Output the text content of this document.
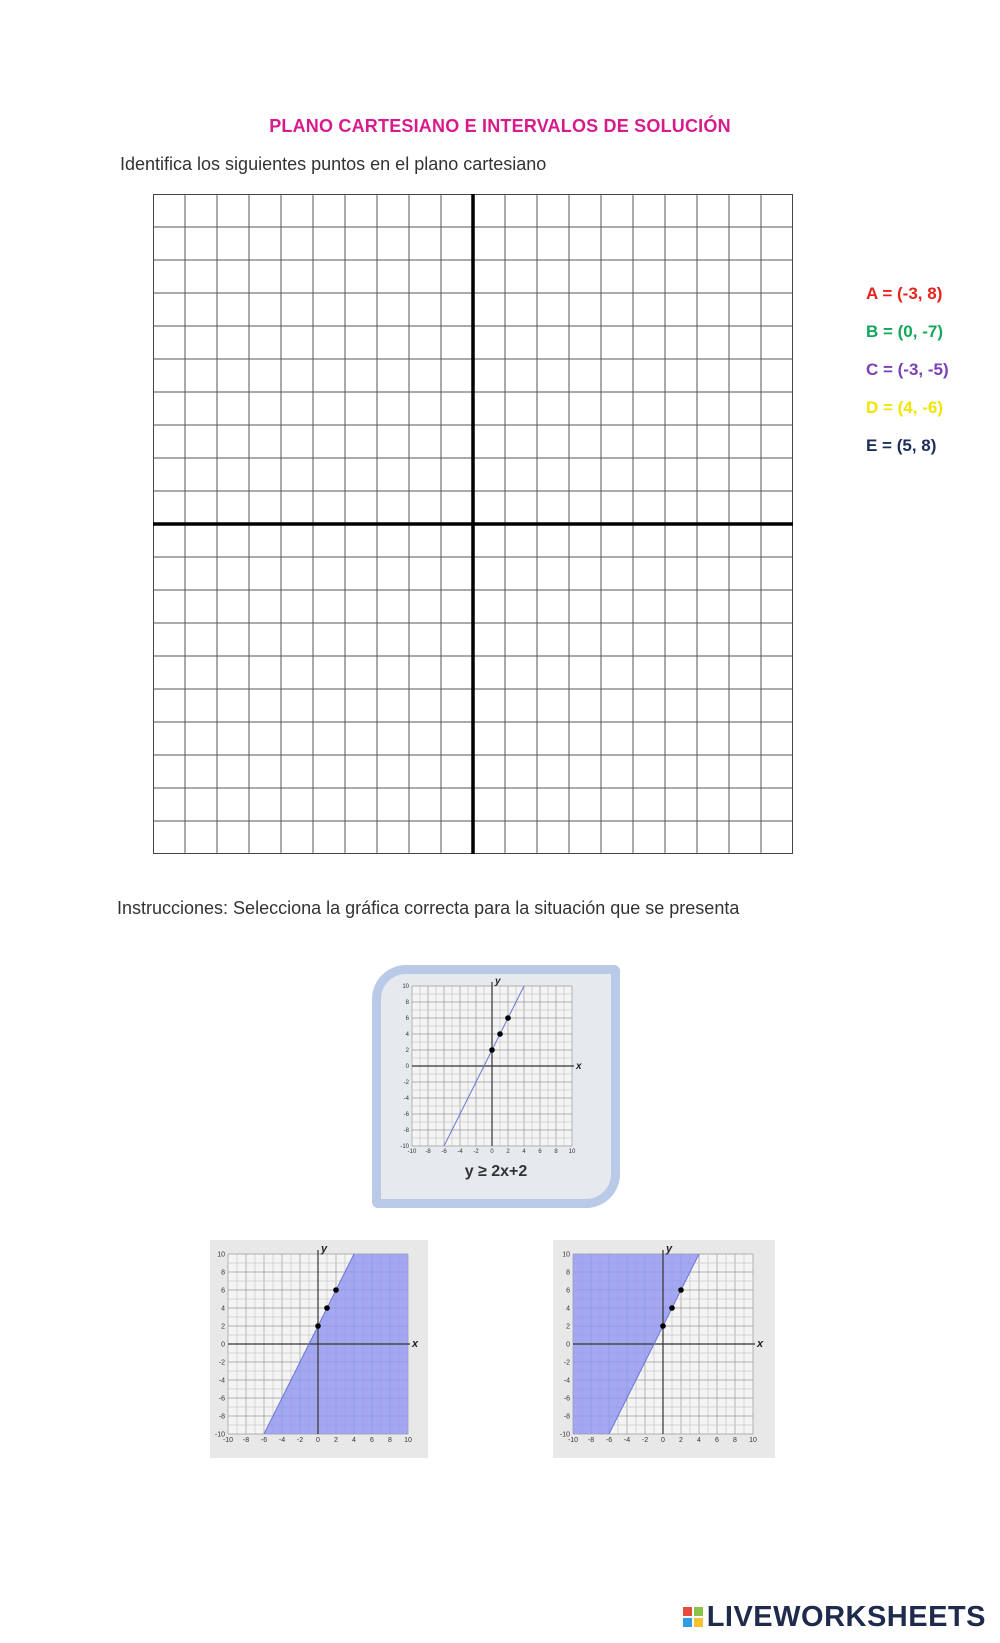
PLANO CARTESIANO E INTERVALOS DE SOLUCIÓN
Identifica los siguientes puntos en el plano cartesiano
A = (-3, 8)
B = (0, -7)
C = (-3, -5)
D = (4, -6)
E = (5, 8)
Instrucciones: Selecciona la gráfica correcta para la situación que se presenta
-10 -8 -6 -4 -2 0 2 4 6 8 10
10
8
6
4
2
0
-2
-4
-6
-8
-10
x
y
y ≥ 2x+2
-10 -8 -6 -4 -2 0 2 4 6 8 10
10
8
6
4
2
0
-2
-4
-6
-8
-10
x
y
-10 -8 -6 -4 -2 0 2 4 6 8 10
10
8
6
4
2
0
-2
-4
-6
-8
-10
x
y
LIVEWORKSHEETS
